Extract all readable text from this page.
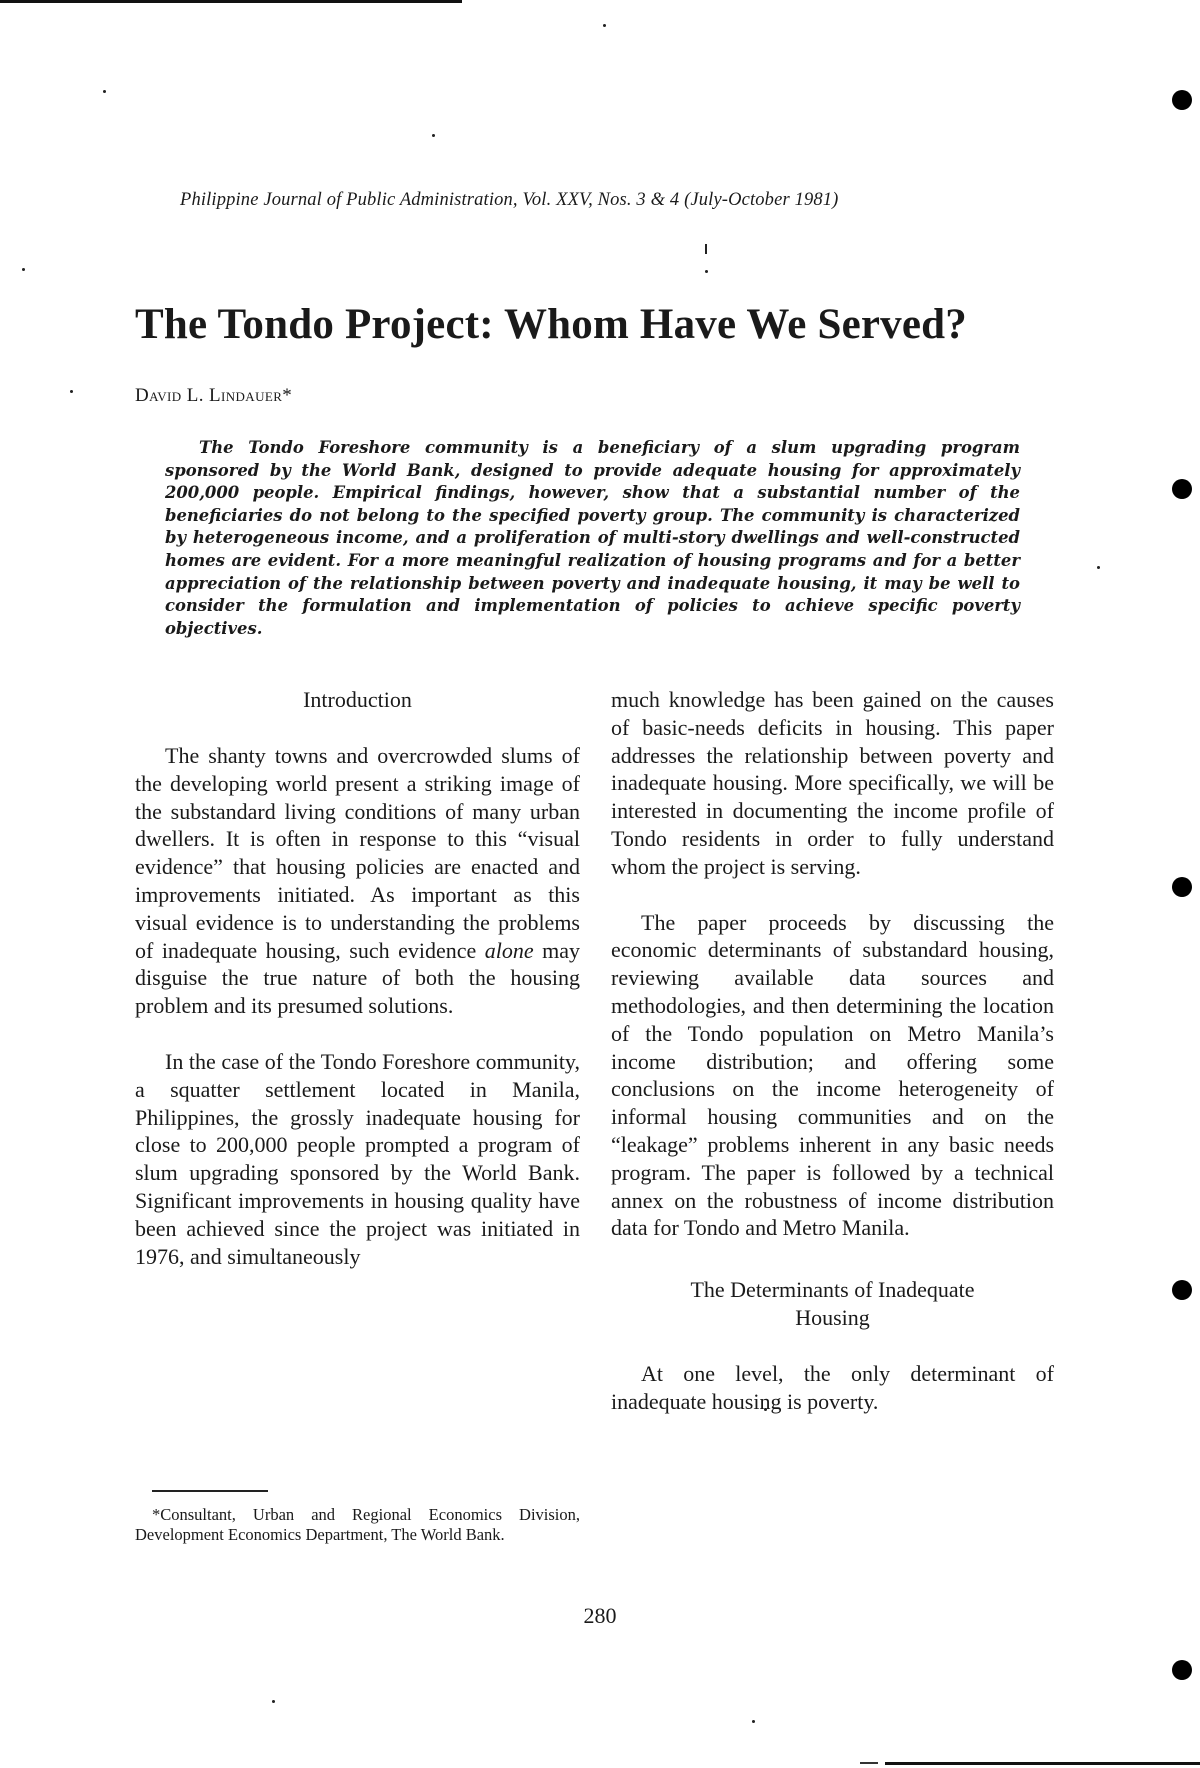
Philippine Journal of Public Administration, Vol. XXV, Nos. 3 & 4 (July-October 1981)
The Tondo Project: Whom Have We Served?
David L. Lindauer*
The Tondo Foreshore community is a beneficiary of a slum upgrading program sponsored by the World Bank, designed to provide adequate housing for approximately 200,000 people. Empirical findings, however, show that a substantial number of the beneficiaries do not belong to the specified poverty group. The community is characterized by heterogeneous income, and a proliferation of multi-story dwellings and well-constructed homes are evident. For a more meaningful realization of housing programs and for a better appreciation of the relationship between poverty and inadequate housing, it may be well to consider the formulation and implementation of policies to achieve specific poverty objectives.
Introduction

The shanty towns and overcrowded slums of the developing world present a striking image of the substandard living conditions of many urban dwellers. It is often in response to this “visual evidence” that housing policies are enacted and improvements initiated. As important as this visual evidence is to understanding the problems of inadequate housing, such evidence alone may disguise the true nature of both the housing problem and its presumed solutions.

In the case of the Tondo Foreshore community, a squatter settlement located in Manila, Philippines, the grossly inadequate housing for close to 200,000 people prompted a program of slum upgrading sponsored by the World Bank. Significant improvements in housing quality have been achieved since the project was initiated in 1976, and simultaneously

much knowledge has been gained on the causes of basic-needs deficits in housing. This paper addresses the relationship between poverty and inadequate housing. More specifically, we will be interested in documenting the income profile of Tondo residents in order to fully understand whom the project is serving.

The paper proceeds by discussing the economic determinants of substandard housing, reviewing available data sources and methodologies, and then determining the location of the Tondo population on Metro Manila’s income distribution; and offering some conclusions on the income heterogeneity of informal housing communities and on the “leakage” problems inherent in any basic needs program. The paper is followed by a technical annex on the robustness of income distribution data for Tondo and Metro Manila.

The Determinants of Inadequate
Housing

At one level, the only determinant of inadequate housing is poverty.

*Consultant, Urban and Regional Economics Division, Development Economics Department, The World Bank.
280
